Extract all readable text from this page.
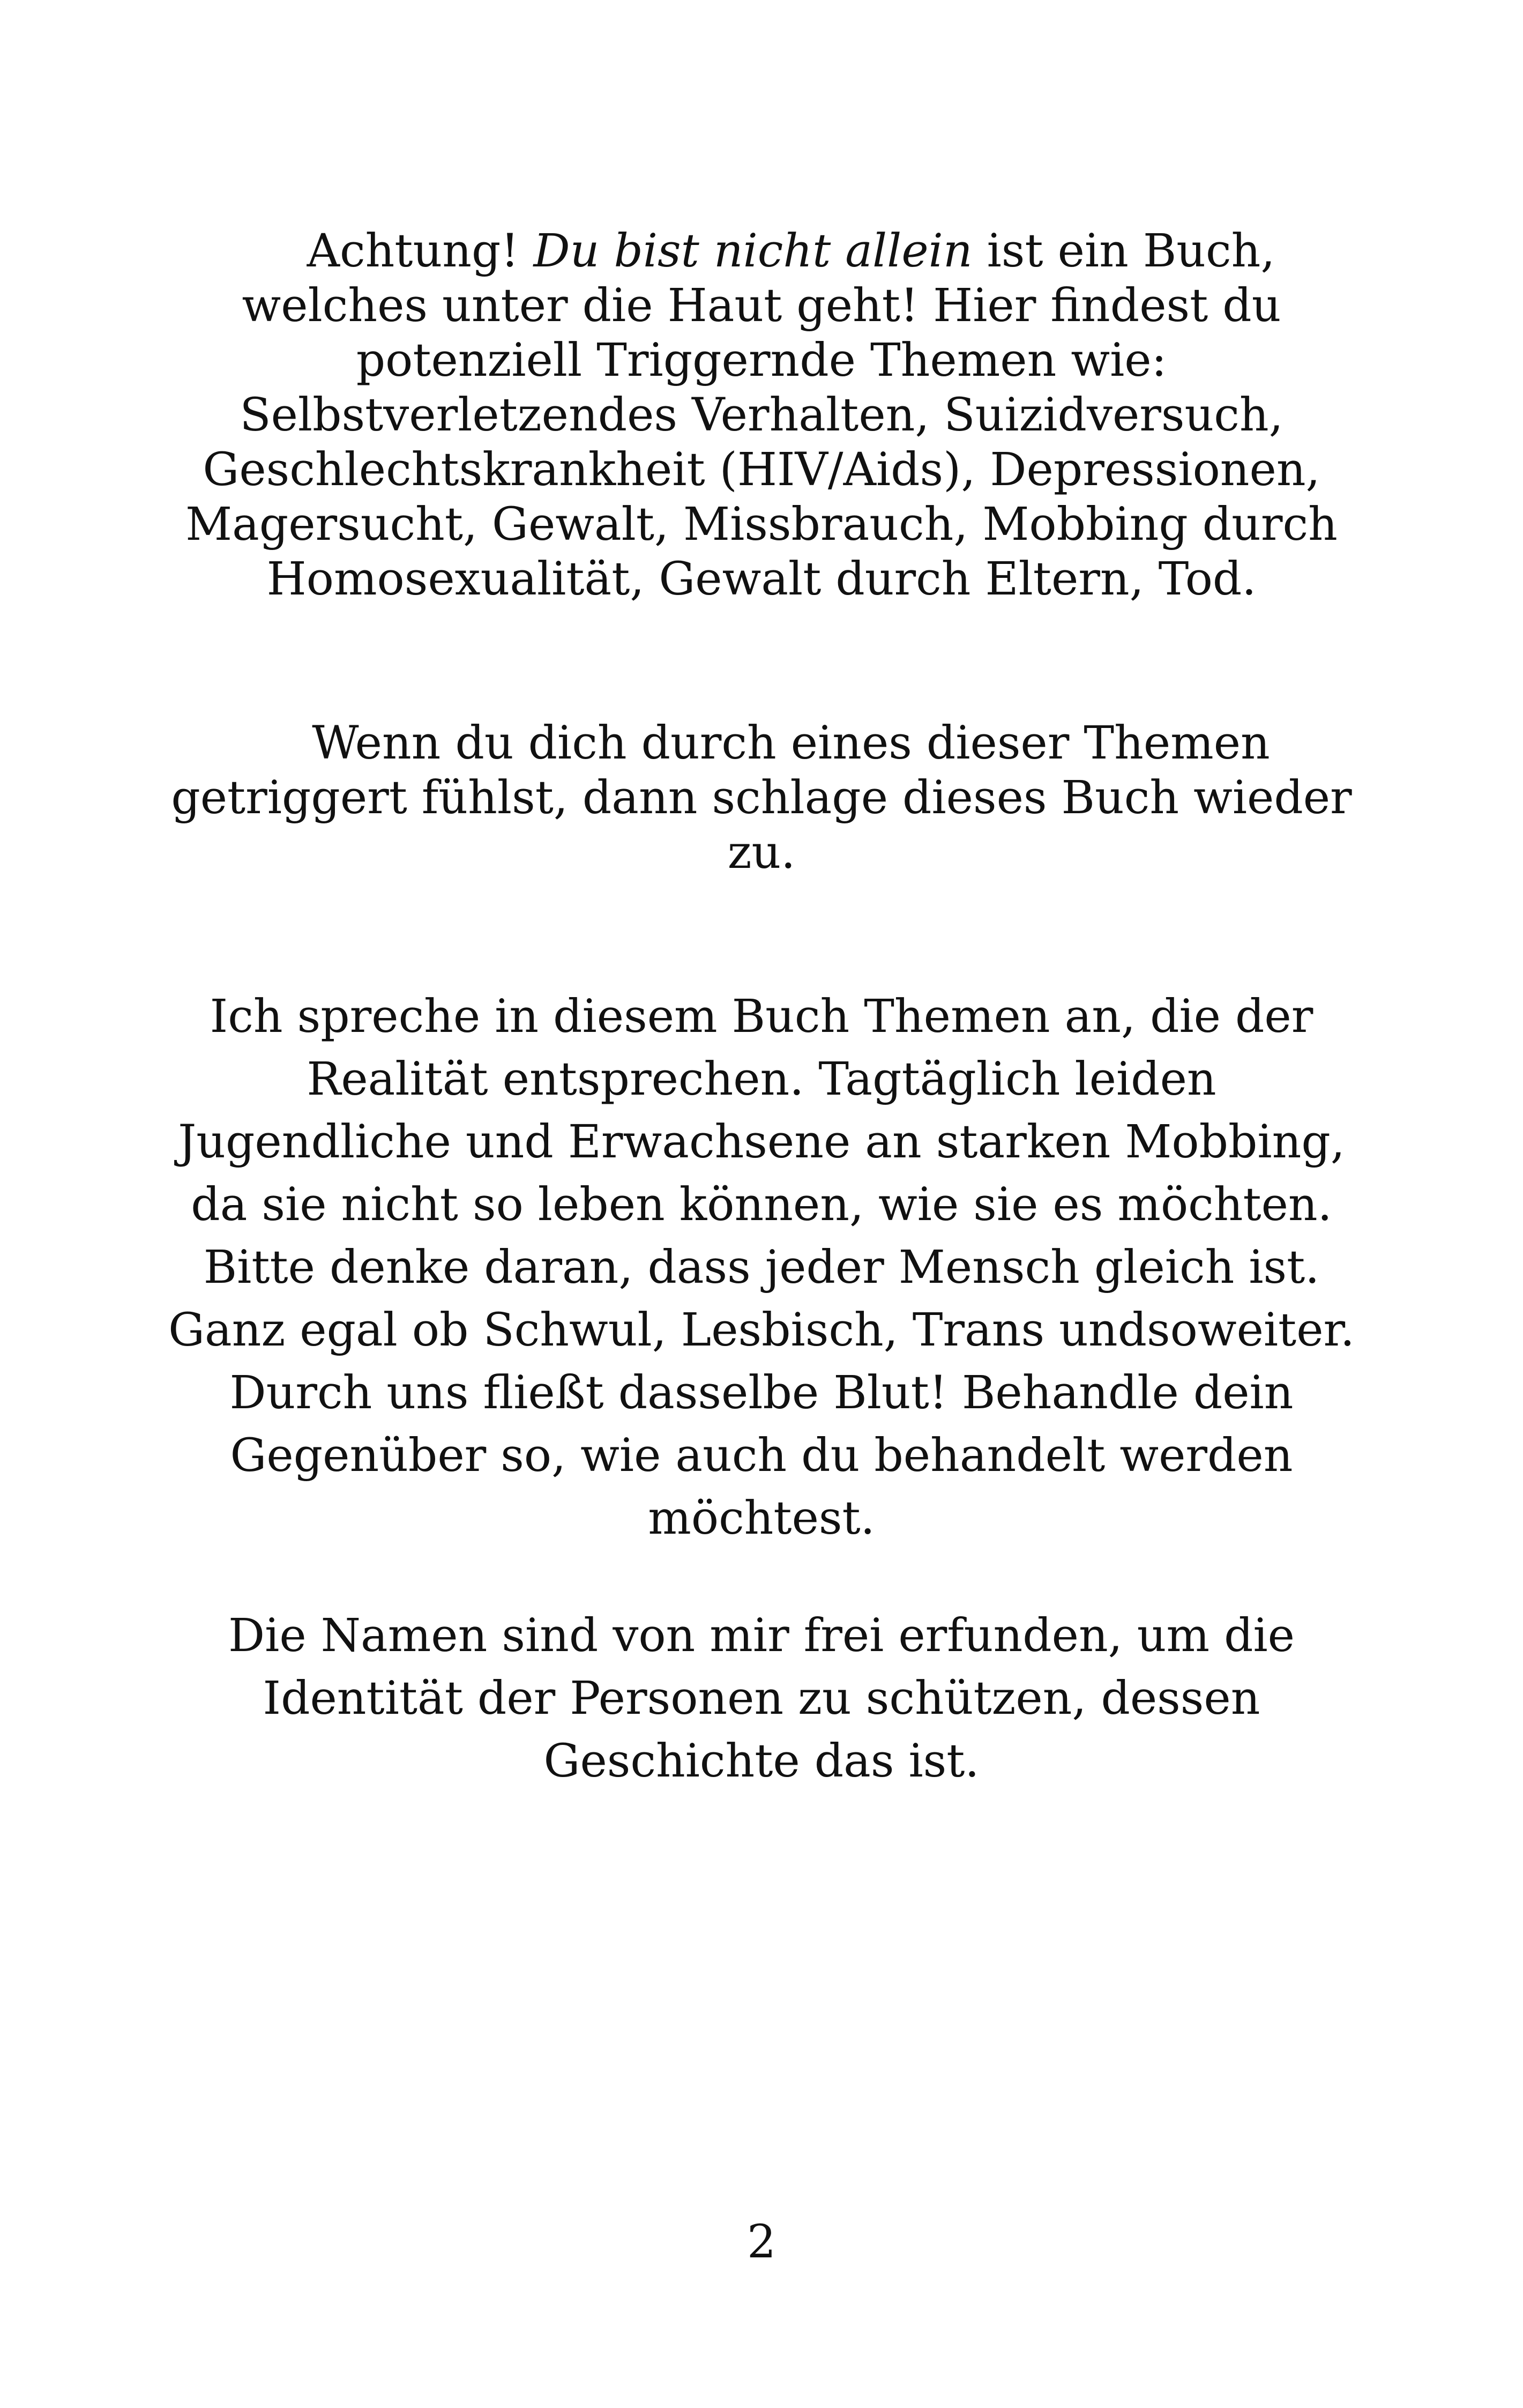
Achtung! Du bist nicht allein ist ein Buch,

welches unter die Haut geht! Hier findest du

potenziell Triggernde Themen wie:

Selbstverletzendes Verhalten, Suizidversuch,

Geschlechtskrankheit (HIV/Aids), Depressionen,

Magersucht, Gewalt, Missbrauch, Mobbing durch

Homosexualität, Gewalt durch Eltern, Tod.

Wenn du dich durch eines dieser Themen

getriggert fühlst, dann schlage dieses Buch wieder

zu.

Ich spreche in diesem Buch Themen an, die der

Realität entsprechen. Tagtäglich leiden

Jugendliche und Erwachsene an starken Mobbing,

da sie nicht so leben können, wie sie es möchten.

Bitte denke daran, dass jeder Mensch gleich ist.

Ganz egal ob Schwul, Lesbisch, Trans undsoweiter.

Durch uns fließt dasselbe Blut! Behandle dein

Gegenüber so, wie auch du behandelt werden

möchtest.

Die Namen sind von mir frei erfunden, um die

Identität der Personen zu schützen, dessen

Geschichte das ist.

2
